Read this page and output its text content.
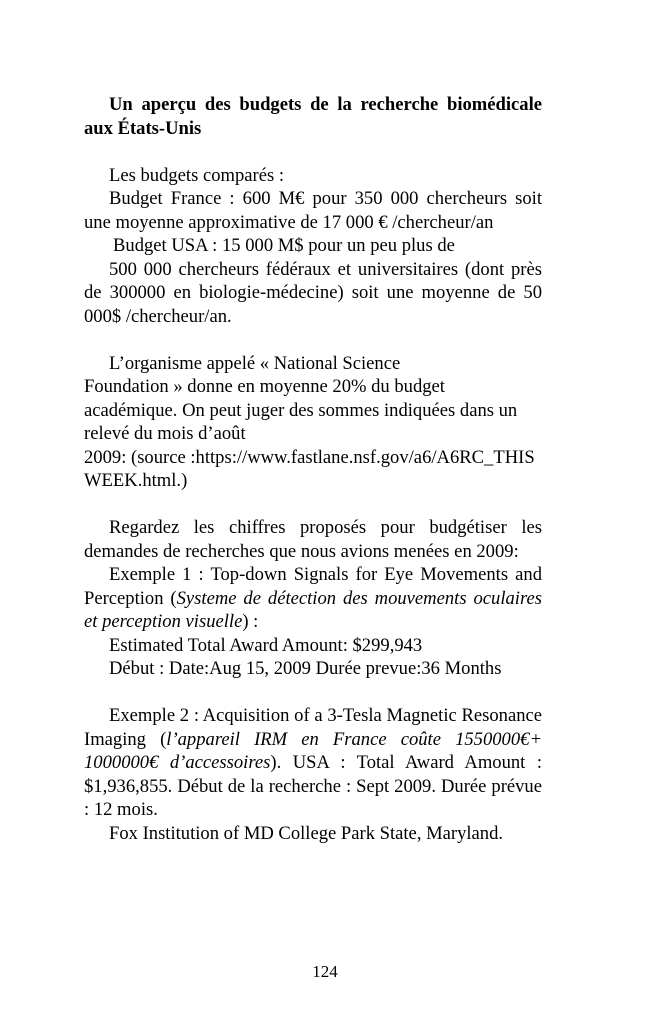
Un aperçu des budgets de la recherche biomédicale aux États-Unis

Les budgets comparés :

Budget France : 600 M€ pour 350 000 chercheurs soit une moyenne approximative de 17 000 € /chercheur/an

Budget USA : 15 000 M$ pour un peu plus de

500 000 chercheurs fédéraux et universitaires (dont près de 300000 en biologie-médecine) soit une moyenne de 50 000$ /chercheur/an.

L’organisme appelé « National Science

Foundation » donne en moyenne 20% du budget académique. On peut juger des sommes indiquées dans un relevé du mois d’août

2009: (source :https://www.fastlane.nsf.gov/a6/A6RC_THISWEEK.html.)

Regardez les chiffres proposés pour budgétiser les demandes de recherches que nous avions menées en 2009:

Exemple 1 : Top-down Signals for Eye Movements and Perception (Systeme de détection des mouvements oculaires et perception visuelle) :

Estimated Total Award Amount: $299,943

Début : Date:Aug 15, 2009 Durée prevue:36 Months

Exemple 2 : Acquisition of a 3-Tesla Magnetic Resonance Imaging (l’appareil IRM en France coûte 1550000€+ 1000000€ d’accessoires). USA : Total Award Amount : $1,936,855. Début de la recherche : Sept 2009. Durée prévue : 12 mois.

Fox Institution of MD College Park State, Maryland.

124
